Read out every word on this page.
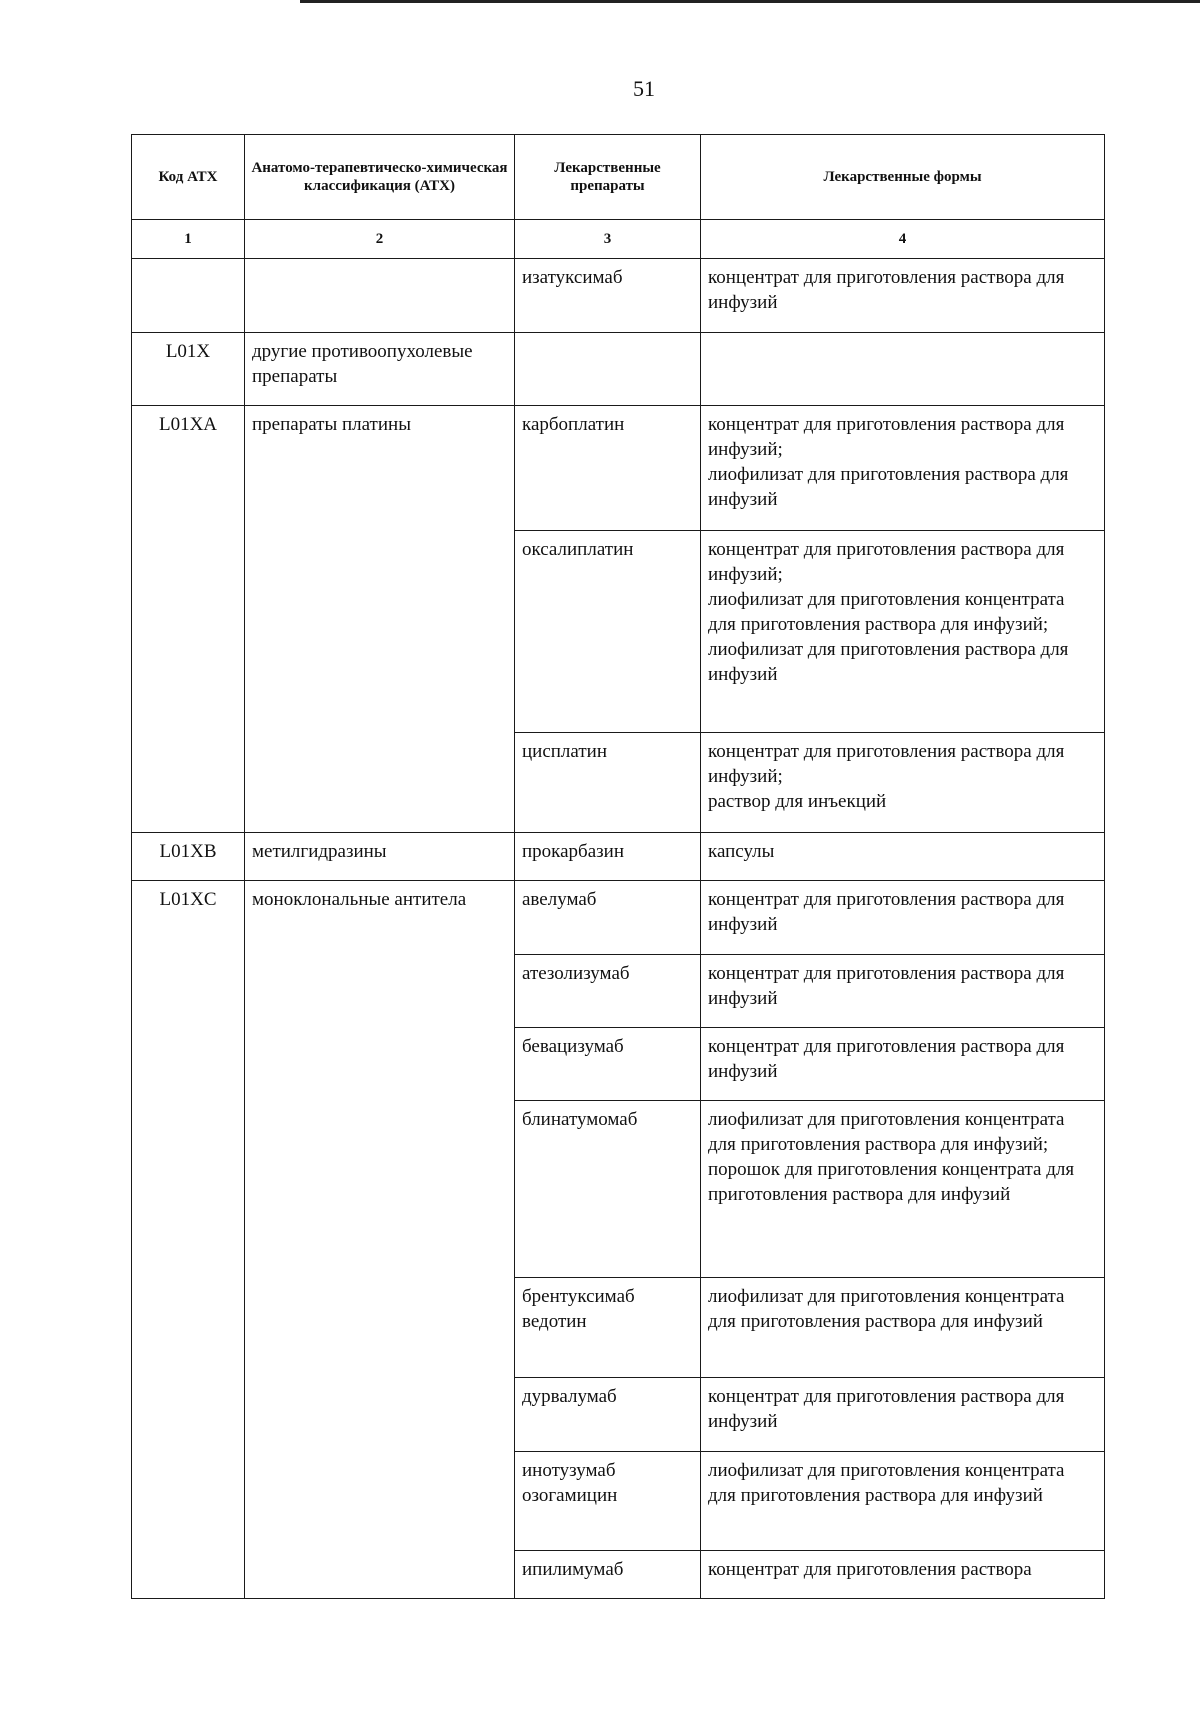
51
Код АТХ	Анатомо-терапевтическо-химическая классификация (АТХ)	Лекарственные препараты	Лекарственные формы
1	2	3	4
		изатуксимаб	концентрат для приготовления раствора для инфузий
L01X	другие противоопухолевые препараты		
L01XA	препараты платины	карбоплатин	концентрат для приготовления раствора для инфузий;
лиофилизат для приготовления раствора для инфузий
		оксалиплатин	концентрат для приготовления раствора для инфузий;
лиофилизат для приготовления концентрата для приготовления раствора для инфузий;
лиофилизат для приготовления раствора для инфузий
		цисплатин	концентрат для приготовления раствора для инфузий;
раствор для инъекций
L01XB	метилгидразины	прокарбазин	капсулы
L01XC	моноклональные антитела	авелумаб	концентрат для приготовления раствора для инфузий
		атезолизумаб	концентрат для приготовления раствора для инфузий
		бевацизумаб	концентрат для приготовления раствора для инфузий
		блинатумомаб	лиофилизат для приготовления концентрата для приготовления раствора для инфузий;
порошок для приготовления концентрата для приготовления раствора для инфузий
		брентуксимаб ведотин	лиофилизат для приготовления концентрата для приготовления раствора для инфузий
		дурвалумаб	концентрат для приготовления раствора для инфузий
		инотузумаб озогамицин	лиофилизат для приготовления концентрата для приготовления раствора для инфузий
		ипилимумаб	концентрат для приготовления раствора
